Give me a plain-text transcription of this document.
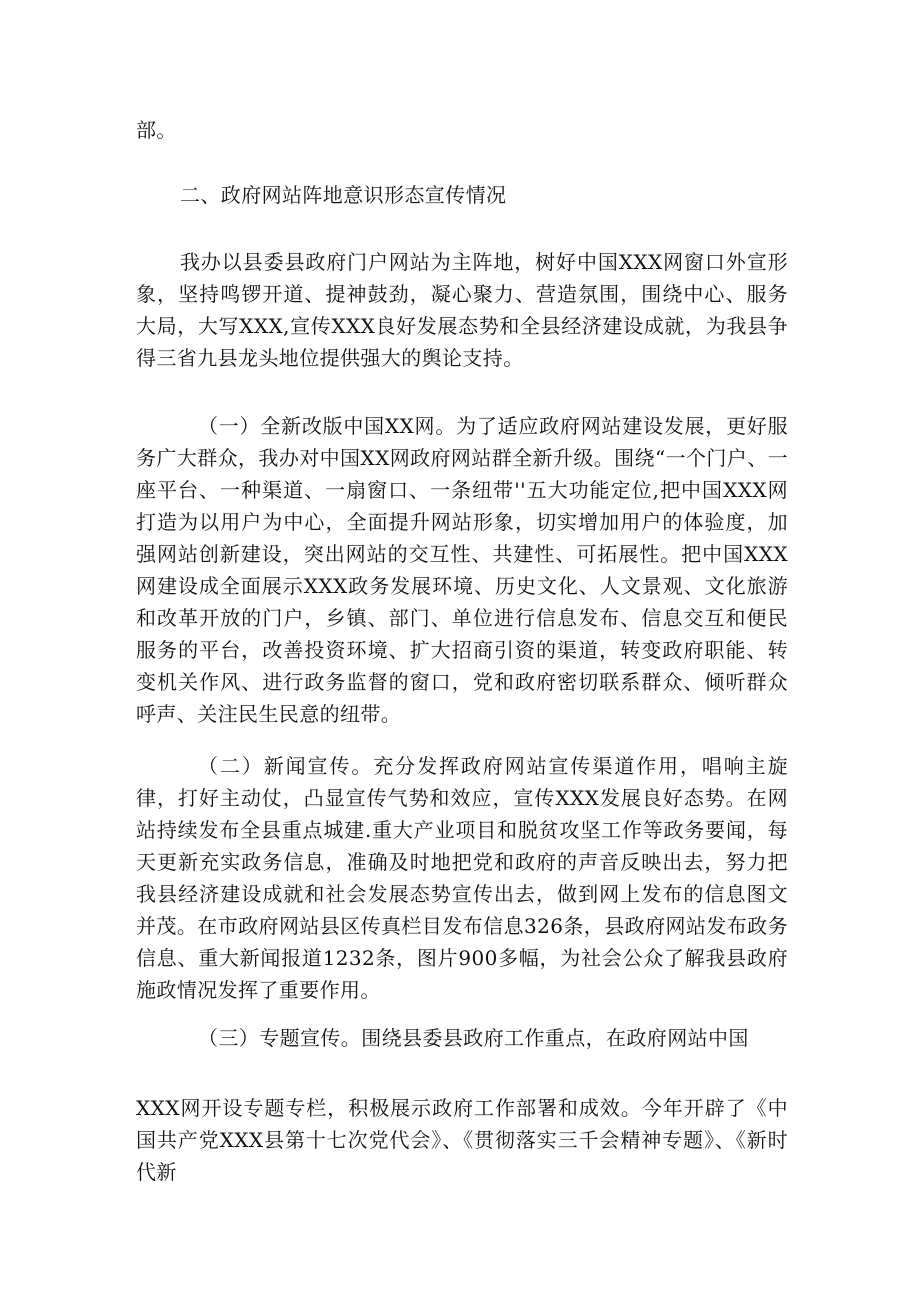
部。

二、政府网站阵地意识形态宣传情况

我办以县委县政府门户网站为主阵地，树好中国XXX网窗口外宣形象，坚持鸣锣开道、提神鼓劲，凝心聚力、营造氛围，围绕中心、服务大局，大写XXX,宣传XXX良好发展态势和全县经济建设成就，为我县争得三省九县龙头地位提供强大的舆论支持。

（一）全新改版中国XX网。为了适应政府网站建设发展，更好服务广大群众，我办对中国XX网政府网站群全新升级。围绕“一个门户、一座平台、一种渠道、一扇窗口、一条纽带''五大功能定位,把中国XXX网打造为以用户为中心，全面提升网站形象，切实增加用户的体验度，加强网站创新建设，突出网站的交互性、共建性、可拓展性。把中国XXX网建设成全面展示XXX政务发展环境、历史文化、人文景观、文化旅游和改革开放的门户，乡镇、部门、单位进行信息发布、信息交互和便民服务的平台，改善投资环境、扩大招商引资的渠道，转变政府职能、转变机关作风、进行政务监督的窗口，党和政府密切联系群众、倾听群众呼声、关注民生民意的纽带。

（二）新闻宣传。充分发挥政府网站宣传渠道作用，唱响主旋律，打好主动仗，凸显宣传气势和效应，宣传XXX发展良好态势。在网站持续发布全县重点城建.重大产业项目和脱贫攻坚工作等政务要闻，每天更新充实政务信息，准确及时地把党和政府的声音反映出去，努力把我县经济建设成就和社会发展态势宣传出去，做到网上发布的信息图文并茂。在市政府网站县区传真栏目发布信息326条，县政府网站发布政务信息、重大新闻报道1232条，图片900多幅，为社会公众了解我县政府施政情况发挥了重要作用。

（三）专题宣传。围绕县委县政府工作重点，在政府网站中国

XXX网开设专题专栏，积极展示政府工作部署和成效。今年开辟了《中国共产党XXX县第十七次党代会》、《贯彻落实三千会精神专题》、《新时代新
